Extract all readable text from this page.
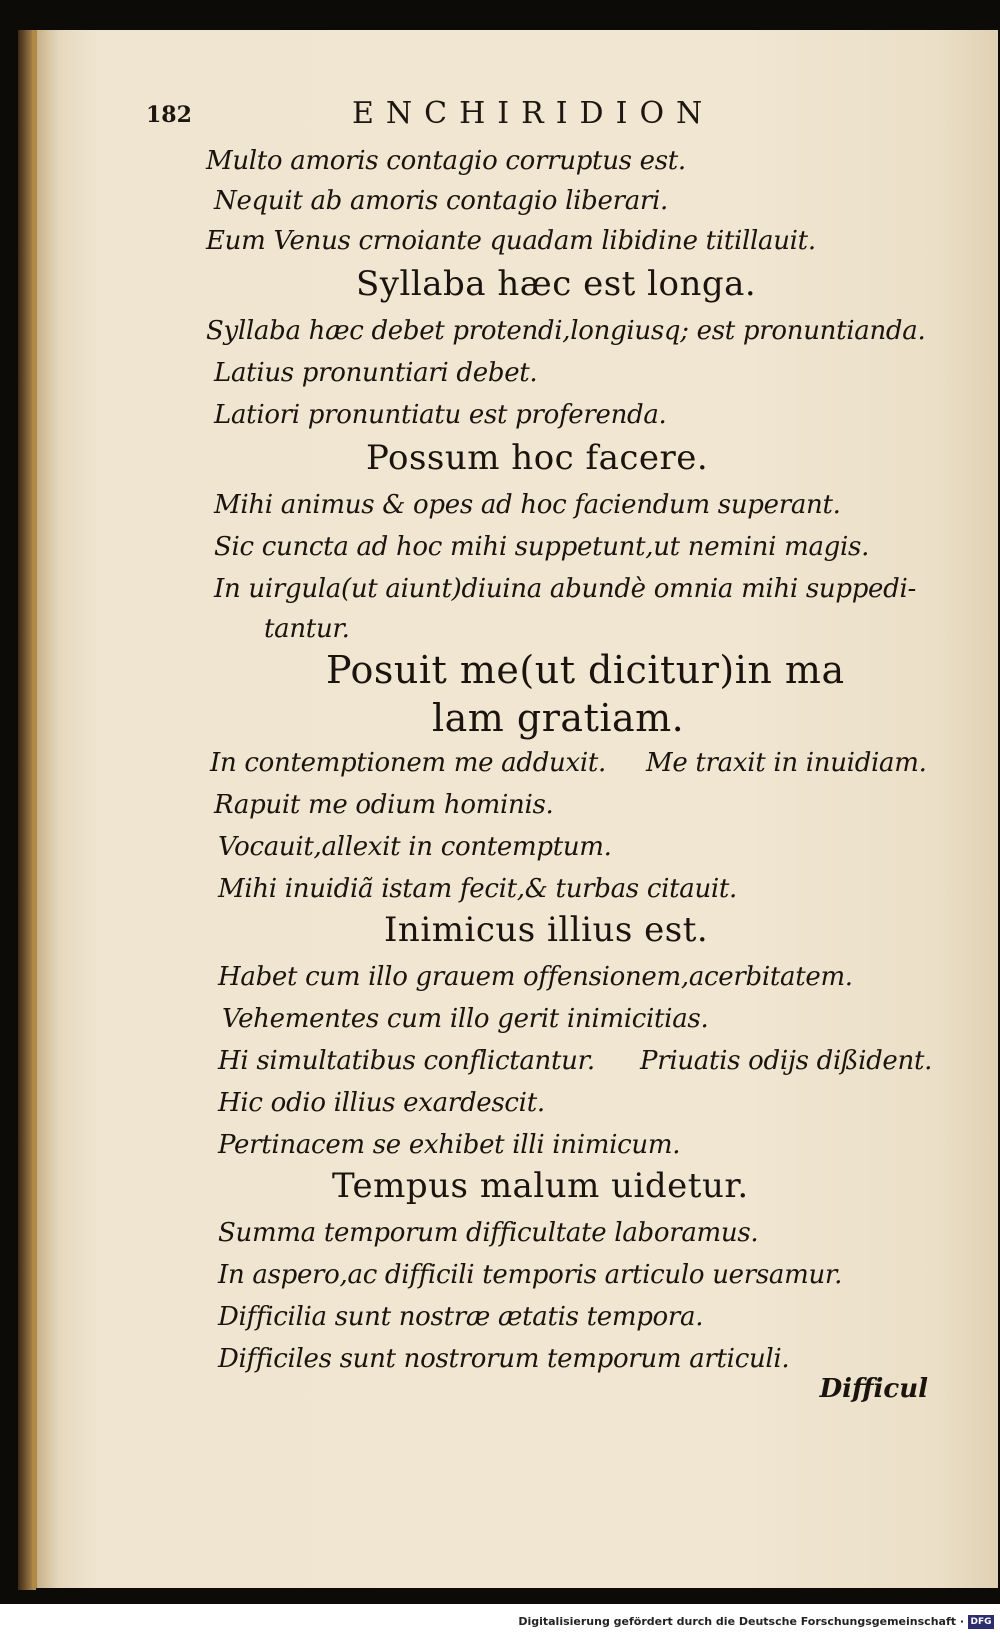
182	ENCHIRIDION
Multo amoris contagio corruptus est.
Nequit ab amoris contagio liberari.
Eum Venus crnoiante quadam libidine titillauit.
Syllaba hæc est longa.
Syllaba hæc debet protendi,longiusq; est pronuntianda.
Latius pronuntiari debet.
Latiori pronuntiatu est proferenda.
Possum hoc facere.
Mihi animus & opes ad hoc faciendum superant.
Sic cuncta ad hoc mihi suppetunt,ut nemini magis.
In uirgula(ut aiunt)diuina abundè omnia mihi suppedi-
tantur.
Posuit me(ut dicitur)in ma
lam gratiam.
In contemptionem me adduxit. Me traxit in inuidiam.
Rapuit me odium hominis.
Vocauit,allexit in contemptum.
Mihi inuidiã istam fecit,& turbas citauit.
Inimicus illius est.
Habet cum illo grauem offensionem,acerbitatem.
Vehementes cum illo gerit inimicitias.
Hi simultatibus conflictantur. Priuatis odijs dißident.
Hic odio illius exardescit.
Pertinacem se exhibet illi inimicum.
Tempus malum uidetur.
Summa temporum difficultate laboramus.
In aspero,ac difficili temporis articulo uersamur.
Difficilia sunt nostræ ætatis tempora.
Difficiles sunt nostrorum temporum articuli.
Difficul
Digitalisierung gefördert durch die Deutsche Forschungsgemeinschaft · DFG
